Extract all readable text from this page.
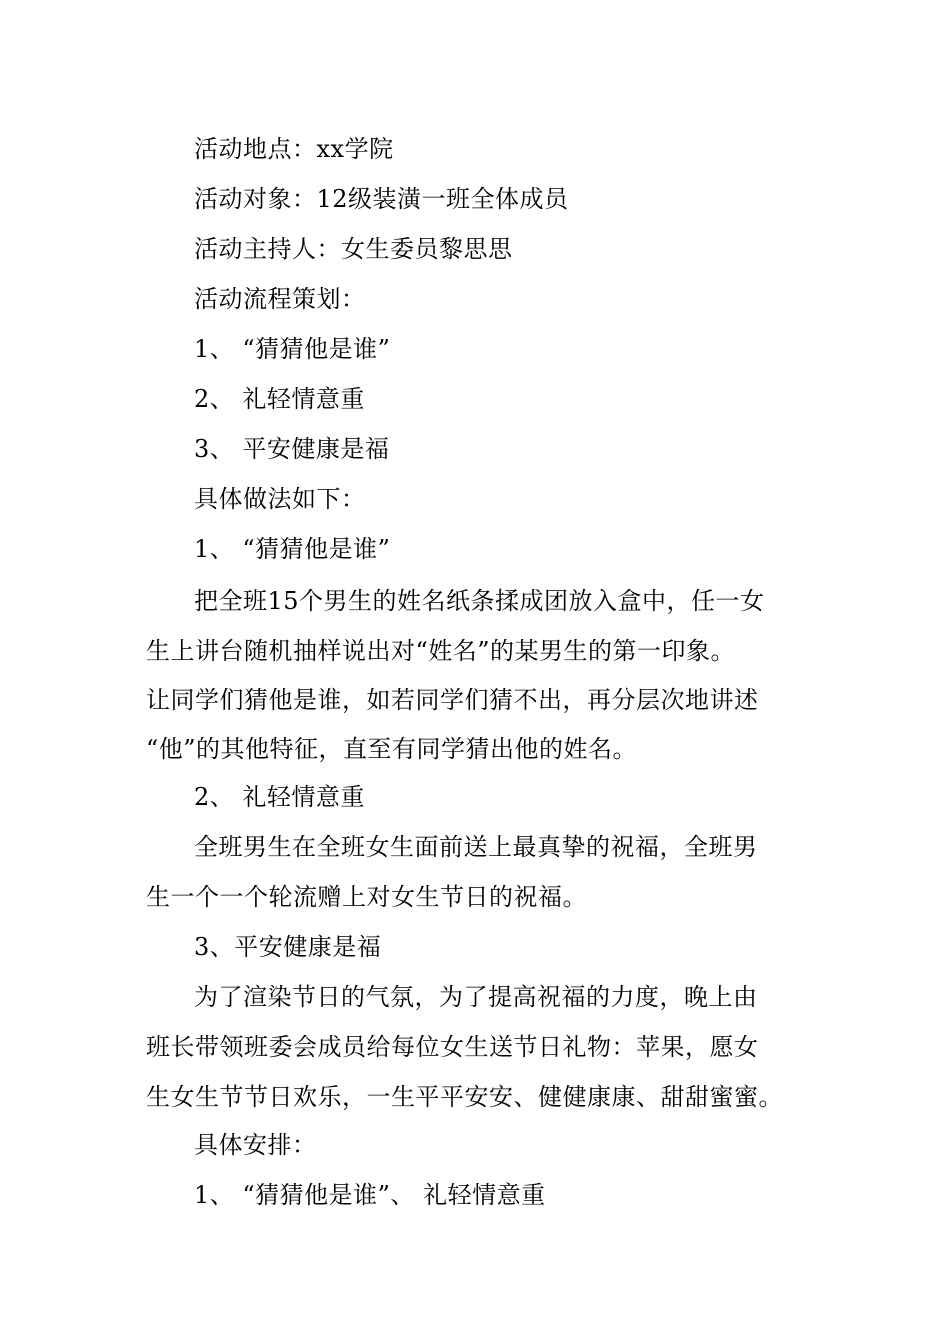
活动地点：xx学院
活动对象：12级装潢一班全体成员
活动主持人：女生委员黎思思
活动流程策划：
1、 “猜猜他是谁”
2、 礼轻情意重
3、 平安健康是福
具体做法如下：
1、 “猜猜他是谁”
把全班15个男生的姓名纸条揉成团放入盒中，任一女
生上讲台随机抽样说出对“姓名”的某男生的第一印象。
让同学们猜他是谁，如若同学们猜不出，再分层次地讲述
“他”的其他特征，直至有同学猜出他的姓名。
2、 礼轻情意重
全班男生在全班女生面前送上最真挚的祝福，全班男
生一个一个轮流赠上对女生节日的祝福。
3、平安健康是福
为了渲染节日的气氛，为了提高祝福的力度，晚上由
班长带领班委会成员给每位女生送节日礼物：苹果，愿女
生女生节节日欢乐，一生平平安安、健健康康、甜甜蜜蜜。
具体安排：
1、 “猜猜他是谁”、 礼轻情意重
